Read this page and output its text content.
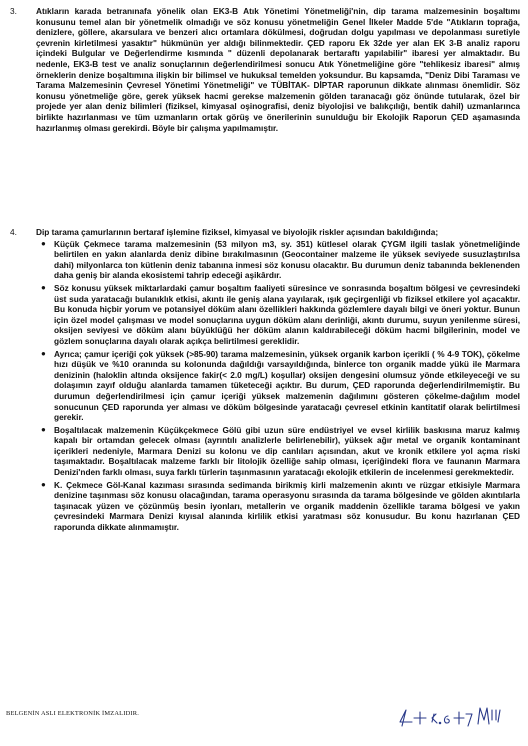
3. Atıkların karada betranınafa yönelik olan EK3-B Atık Yönetimi Yönetmeliği'nin, dip tarama malzemesinin boşaltımı konusunu temel alan bir yönetmelik olmadığı ve söz konusu yönetmeliğin Genel İlkeler Madde 5'de "Atıkların toprağa, denizlere, göllere, akarsulara ve benzeri alıcı ortamlara dökülmesi, doğrudan dolgu yapılması ve depolanması suretiyle çevrenin kirletilmesi yasaktır" hükmünün yer aldığı bilinmektedir. ÇED raporu Ek 32de yer alan EK 3-B analiz raporu içindeki Bulgular ve Değerlendirme kısmında " düzenli depolanarak bertaraftı yapılabilir" ibaresi yer almaktadır. Bu nedenle, EK3-B test ve analiz sonuçlarının değerlendirilmesi sonucu Atık Yönetmeliğine göre "tehlikesiz ibaresi" almış örneklerin denize boşaltımına ilişkin bir bilimsel ve hukuksal temelden yoksundur. Bu kapsamda, "Deniz Dibi Taraması ve Tarama Malzemesinin Çevresel Yönetimi Yönetmeliği" ve TÜBİTAK- DİPTAR raporunun dikkate alınması önemlidir. Söz konusu yönetmeliğe göre, gerek yüksek hacmi gerekse malzemenin gölden taranacağı göz önünde tutularak, özel bir projede yer alan deniz bilimleri (fiziksel, kimyasal oşinografisi, deniz biyolojisi ve balıkçılığı, bentik dahil) uzmanlarınca birlikte hazırlanması ve tüm uzmanların ortak görüş ve önerilerinin sunulduğu bir Ekolojik Raporun ÇED aşamasında hazırlanmış olması gerekirdi. Böyle bir çalışma yapılmamıştır.
4. Dip tarama çamurlarının bertaraf işlemine fiziksel, kimyasal ve biyolojik riskler açısından bakıldığında;
● Küçük Çekmece tarama malzemesinin (53 milyon m3, sy. 351) kütlesel olarak ÇYGM ilgili taslak yönetmeliğinde belirtilen en yakın alanlarda deniz dibine bırakılmasının (Geocontainer malzeme ile yüksek seviyede susuzlaştırılsa dahi) milyonlarca ton kütlenin deniz tabanına inmesi söz konusu olacaktır. Bu durumun deniz tabanında beklenenden daha geniş bir alanda ekosistemi tahrip edeceği aşikârdır.
● Söz konusu yüksek miktarlardaki çamur boşaltım faaliyeti süresince ve sonrasında boşaltım bölgesi ve çevresindeki üst suda yaratacağı bulanıklık etkisi, akıntı ile geniş alana yayılarak, ışık geçirgenliği vb fiziksel etkilere yol açacaktır. Bu konuda hiçbir yorum ve potansiyel döküm alanı özellikleri hakkında gözlemlere dayalı bilgi ve öneri yoktur. Bunun için özel model çalışması ve model sonuçlarına uygun döküm alanı derinliği, akıntı durumu, suyun yenilenme süresi, oksijen seviyesi ve döküm alanı büyüklüğü her döküm alanın kaldırabileceği döküm hacmi bilgilerinin, model ve gözlem sonuçlarına dayalı olarak açıkça belirtilmesi gereklidir.
● Ayrıca; çamur içeriği çok yüksek (>85-90) tarama malzemesinin, yüksek organik karbon içerikli ( % 4-9 TOK), çökelme hızı düşük ve %10 oranında su kolonunda dağıldığı varsayıldığında, binlerce ton organik madde yükü ile Marmara denizinin (haloklin altında oksijence fakir(< 2.0 mg/L) koşullar) oksijen dengesini olumsuz yönde etkileyeceği ve su dolaşımın zayıf olduğu alanlarda tamamen tüketeceği açıktır. Bu durum, ÇED raporunda değerlendirilmemiştir. Bu durumun değerlendirilmesi için çamur içeriği yüksek malzemenin dağılımını gösteren çökelme-dağılım model sonucunun ÇED raporunda yer alması ve döküm bölgesinde yaratacağı çevresel etkinin kantitatif olarak belirtilmesi gerekir.
● Boşaltılacak malzemenin Küçükçekmece Gölü gibi uzun süre endüstriyel ve evsel kirlilik baskısına maruz kalmış kapalı bir ortamdan gelecek olması (ayrıntılı analizlerle belirlenebilir), yüksek ağır metal ve organik kontaminant içerikleri nedeniyle, Marmara Denizi su kolonu ve dip canlıları açısından, akut ve kronik etkilere yol açma riski taşımaktadır. Boşaltılacak malzeme farklı bir litolojik özelliğe sahip olması, içeriğindeki flora ve faunanın Marmara Denizi'nden farklı olması, suya farklı türlerin taşınmasının yaratacağı ekolojik etkilerin de incelenmesi gerekmektedir.
● K. Çekmece Göl-Kanal kazıması sırasında sedimanda birikmiş kirli malzemenin akıntı ve rüzgar etkisiyle Marmara denizine taşınması söz konusu olacağından, tarama operasyonu sırasında da tarama bölgesinde ve gölden akıntılarla taşınacak yüzen ve çözünmüş besin iyonları, metallerin ve organik maddenin özellikle tarama bölgesi ve yakın çevresindeki Marmara Denizi kıyısal alanında kirlilik etkisi yaratması söz konusudur. Bu konu hazırlanan ÇED raporunda dikkate alınmamıştır.
BELGENİN ASLI ELEKTRONİK İMZALIDIR.
